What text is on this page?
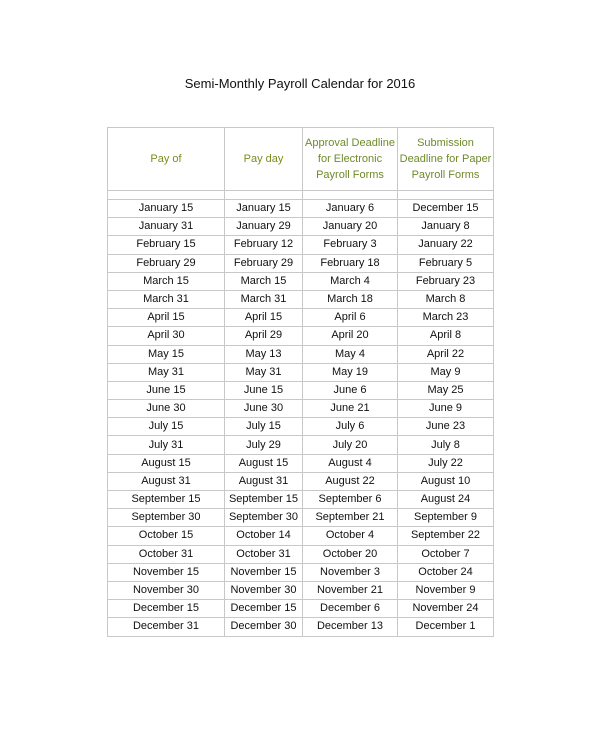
Semi-Monthly Payroll Calendar for 2016
Pay of	Pay day	Approval Deadline for Electronic Payroll Forms	Submission Deadline for Paper Payroll Forms

January 15	January 15	January 6	December 15
January 31	January 29	January 20	January 8
February 15	February 12	February 3	January 22
February 29	February 29	February 18	February 5
March 15	March 15	March 4	February 23
March 31	March 31	March 18	March 8
April 15	April 15	April 6	March 23
April 30	April 29	April 20	April 8
May 15	May 13	May 4	April 22
May 31	May 31	May 19	May 9
June 15	June 15	June 6	May 25
June 30	June 30	June 21	June 9
July 15	July 15	July 6	June 23
July 31	July 29	July 20	July 8
August 15	August 15	August 4	July 22
August 31	August 31	August 22	August 10
September 15	September 15	September 6	August 24
September 30	September 30	September 21	September 9
October 15	October 14	October 4	September 22
October 31	October 31	October 20	October 7
November 15	November 15	November 3	October 24
November 30	November 30	November 21	November 9
December 15	December 15	December 6	November 24
December 31	December 30	December 13	December 1
